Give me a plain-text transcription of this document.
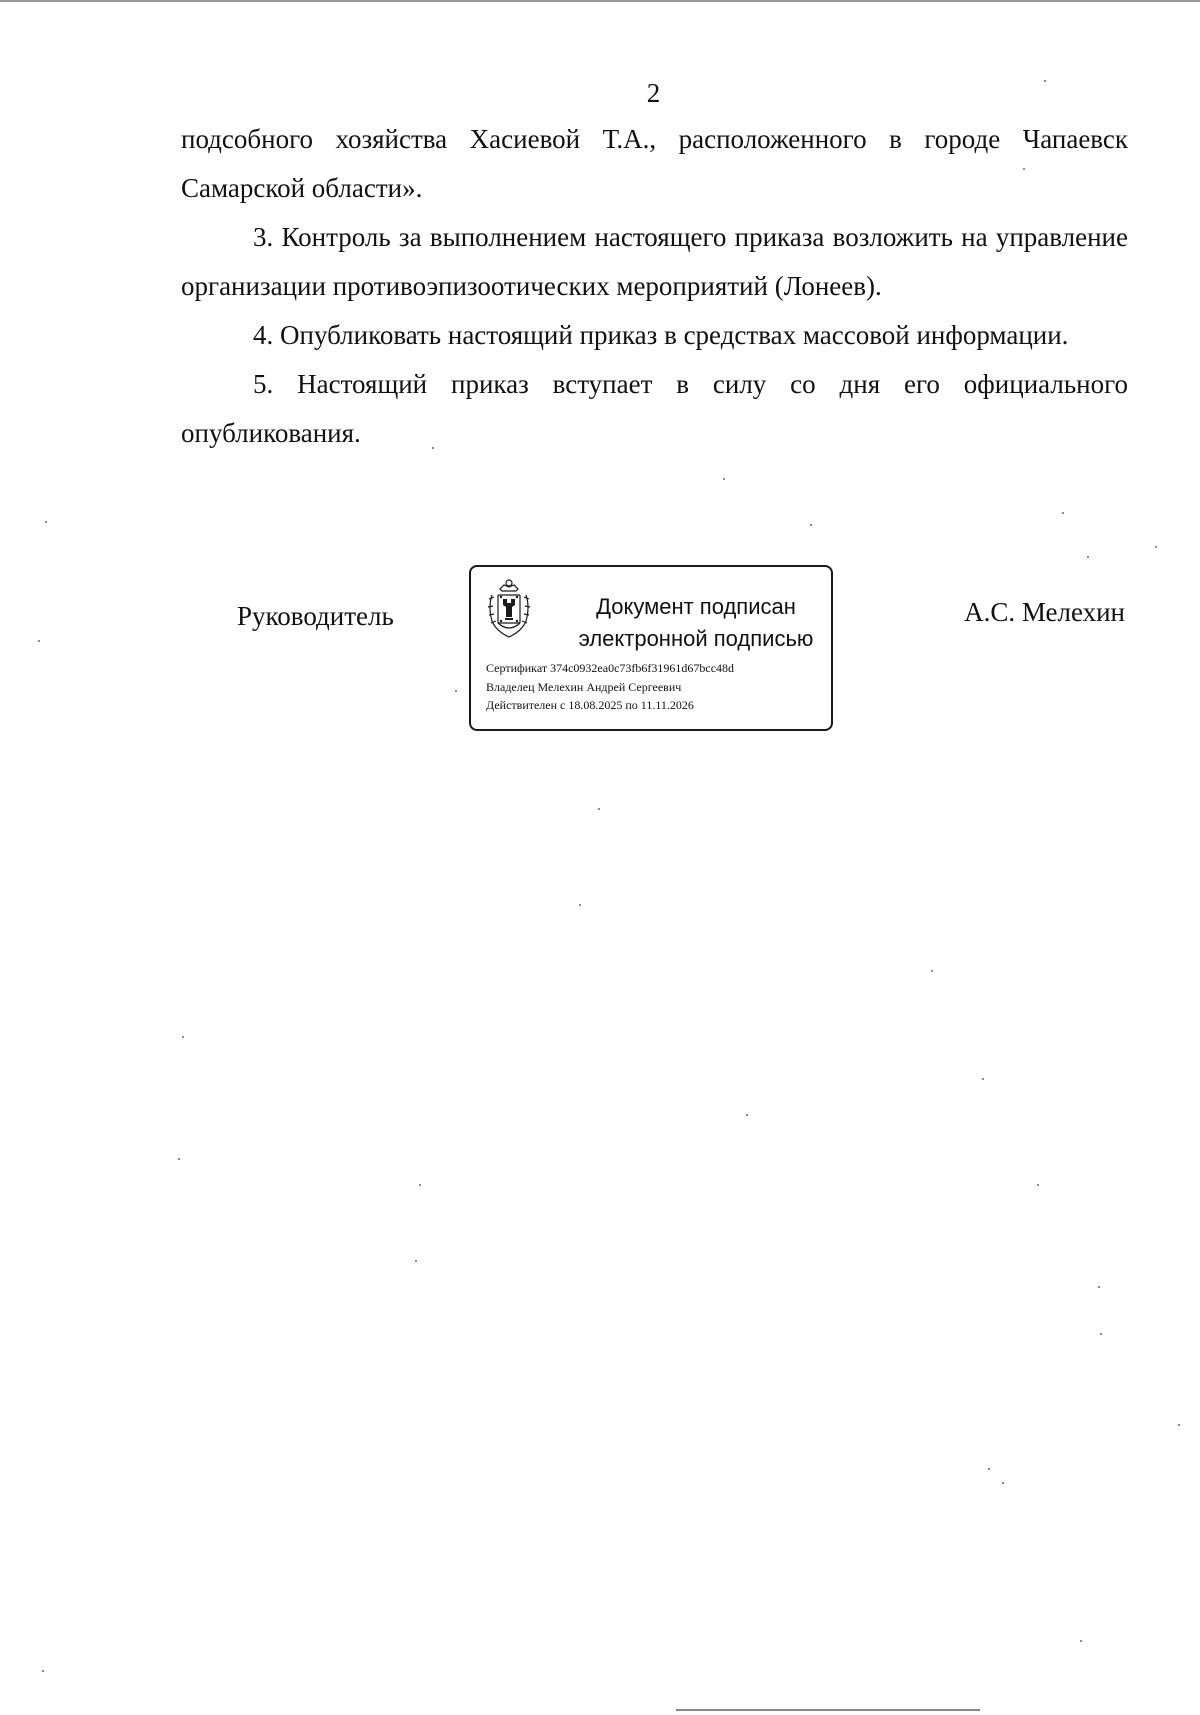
2

подсобного хозяйства Хасиевой Т.А., расположенного в городе Чапаевск Самарской области».

3. Контроль за выполнением настоящего приказа возложить на управление организации противоэпизоотических мероприятий (Лонеев).

4. Опубликовать настоящий приказ в средствах массовой информации.

5. Настоящий приказ вступает в силу со дня его официального опубликования.

Руководитель	Документ подписан
электронной подписью
Сертификат 374c0932ea0c73fb6f31961d67bcc48d
Владелец Мелехин Андрей Сергеевич
Действителен с 18.08.2025 по 11.11.2026
А.С. Мелехин
